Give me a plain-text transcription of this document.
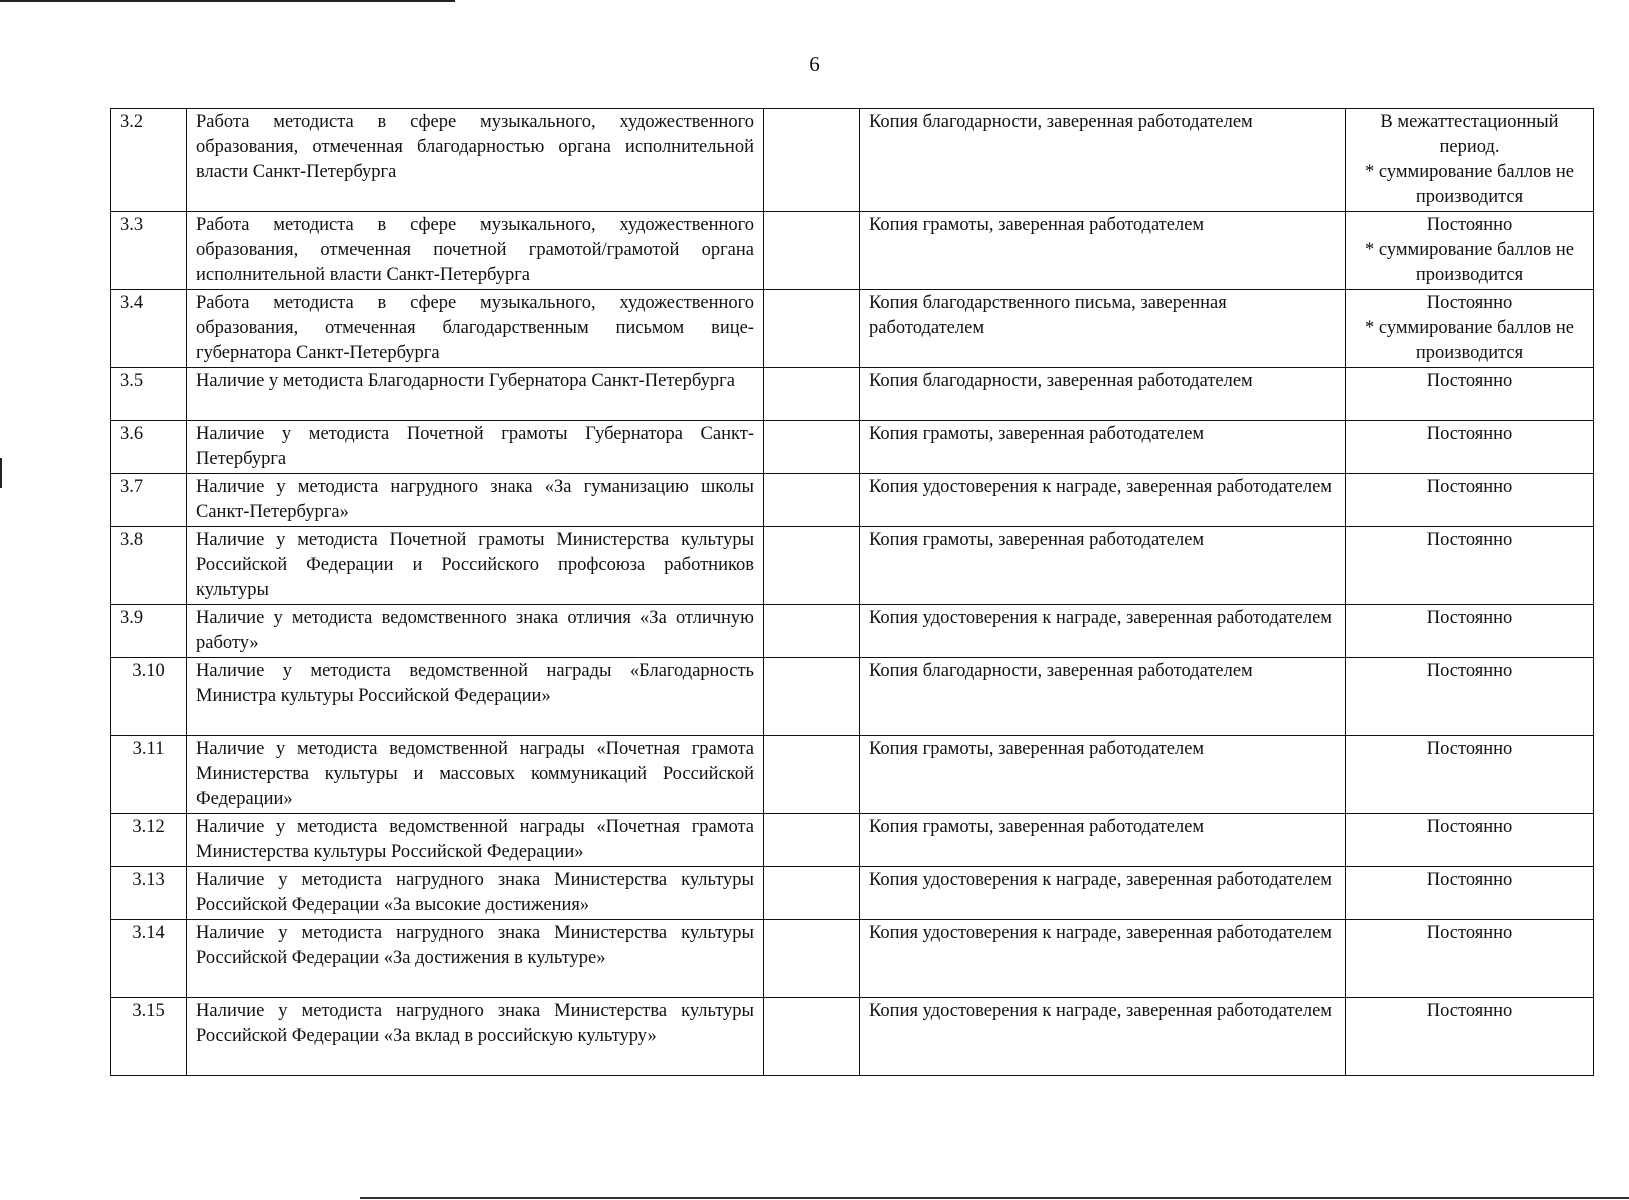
6
3.2	Работа методиста в сфере музыкального, художественного образования, отмеченная благодарностью органа исполнительной власти Санкт-Петербурга		Копия благодарности, заверенная работодателем	В межаттестационный период.
* суммирование баллов не производится

3.3	Работа методиста в сфере музыкального, художественного образования, отмеченная почетной грамотой/грамотой органа исполнительной власти Санкт-Петербурга		Копия грамоты, заверенная работодателем	Постоянно
* суммирование баллов не производится

3.4	Работа методиста в сфере музыкального, художественного образования, отмеченная благодарственным письмом вице-губернатора Санкт-Петербурга		Копия благодарственного письма, заверенная работодателем	Постоянно
* суммирование баллов не производится

3.5	Наличие у методиста Благодарности Губернатора Санкт-Петербурга		Копия благодарности, заверенная работодателем	Постоянно
3.6	Наличие у методиста Почетной грамоты Губернатора Санкт-Петербурга		Копия грамоты, заверенная работодателем	Постоянно
3.7	Наличие у методиста нагрудного знака «За гуманизацию школы Санкт-Петербурга»		Копия удостоверения к награде, заверенная работодателем	Постоянно
3.8	Наличие у методиста Почетной грамоты Министерства культуры Российской Федерации и Российского профсоюза работников культуры		Копия грамоты, заверенная работодателем	Постоянно
3.9	Наличие у методиста ведомственного знака отличия «За отличную работу»		Копия удостоверения к награде, заверенная работодателем	Постоянно
3.10	Наличие у методиста ведомственной награды «Благодарность Министра культуры Российской Федерации»		Копия благодарности, заверенная работодателем	Постоянно
3.11	Наличие у методиста ведомственной награды «Почетная грамота Министерства культуры и массовых коммуникаций Российской Федерации»		Копия грамоты, заверенная работодателем	Постоянно
3.12	Наличие у методиста ведомственной награды «Почетная грамота Министерства культуры Российской Федерации»		Копия грамоты, заверенная работодателем	Постоянно
3.13	Наличие у методиста нагрудного знака Министерства культуры Российской Федерации «За высокие достижения»		Копия удостоверения к награде, заверенная работодателем	Постоянно
3.14	Наличие у методиста нагрудного знака Министерства культуры Российской Федерации «За достижения в культуре»		Копия удостоверения к награде, заверенная работодателем	Постоянно
3.15	Наличие у методиста нагрудного знака Министерства культуры Российской Федерации «За вклад в российскую культуру»		Копия удостоверения к награде, заверенная работодателем	Постоянно
